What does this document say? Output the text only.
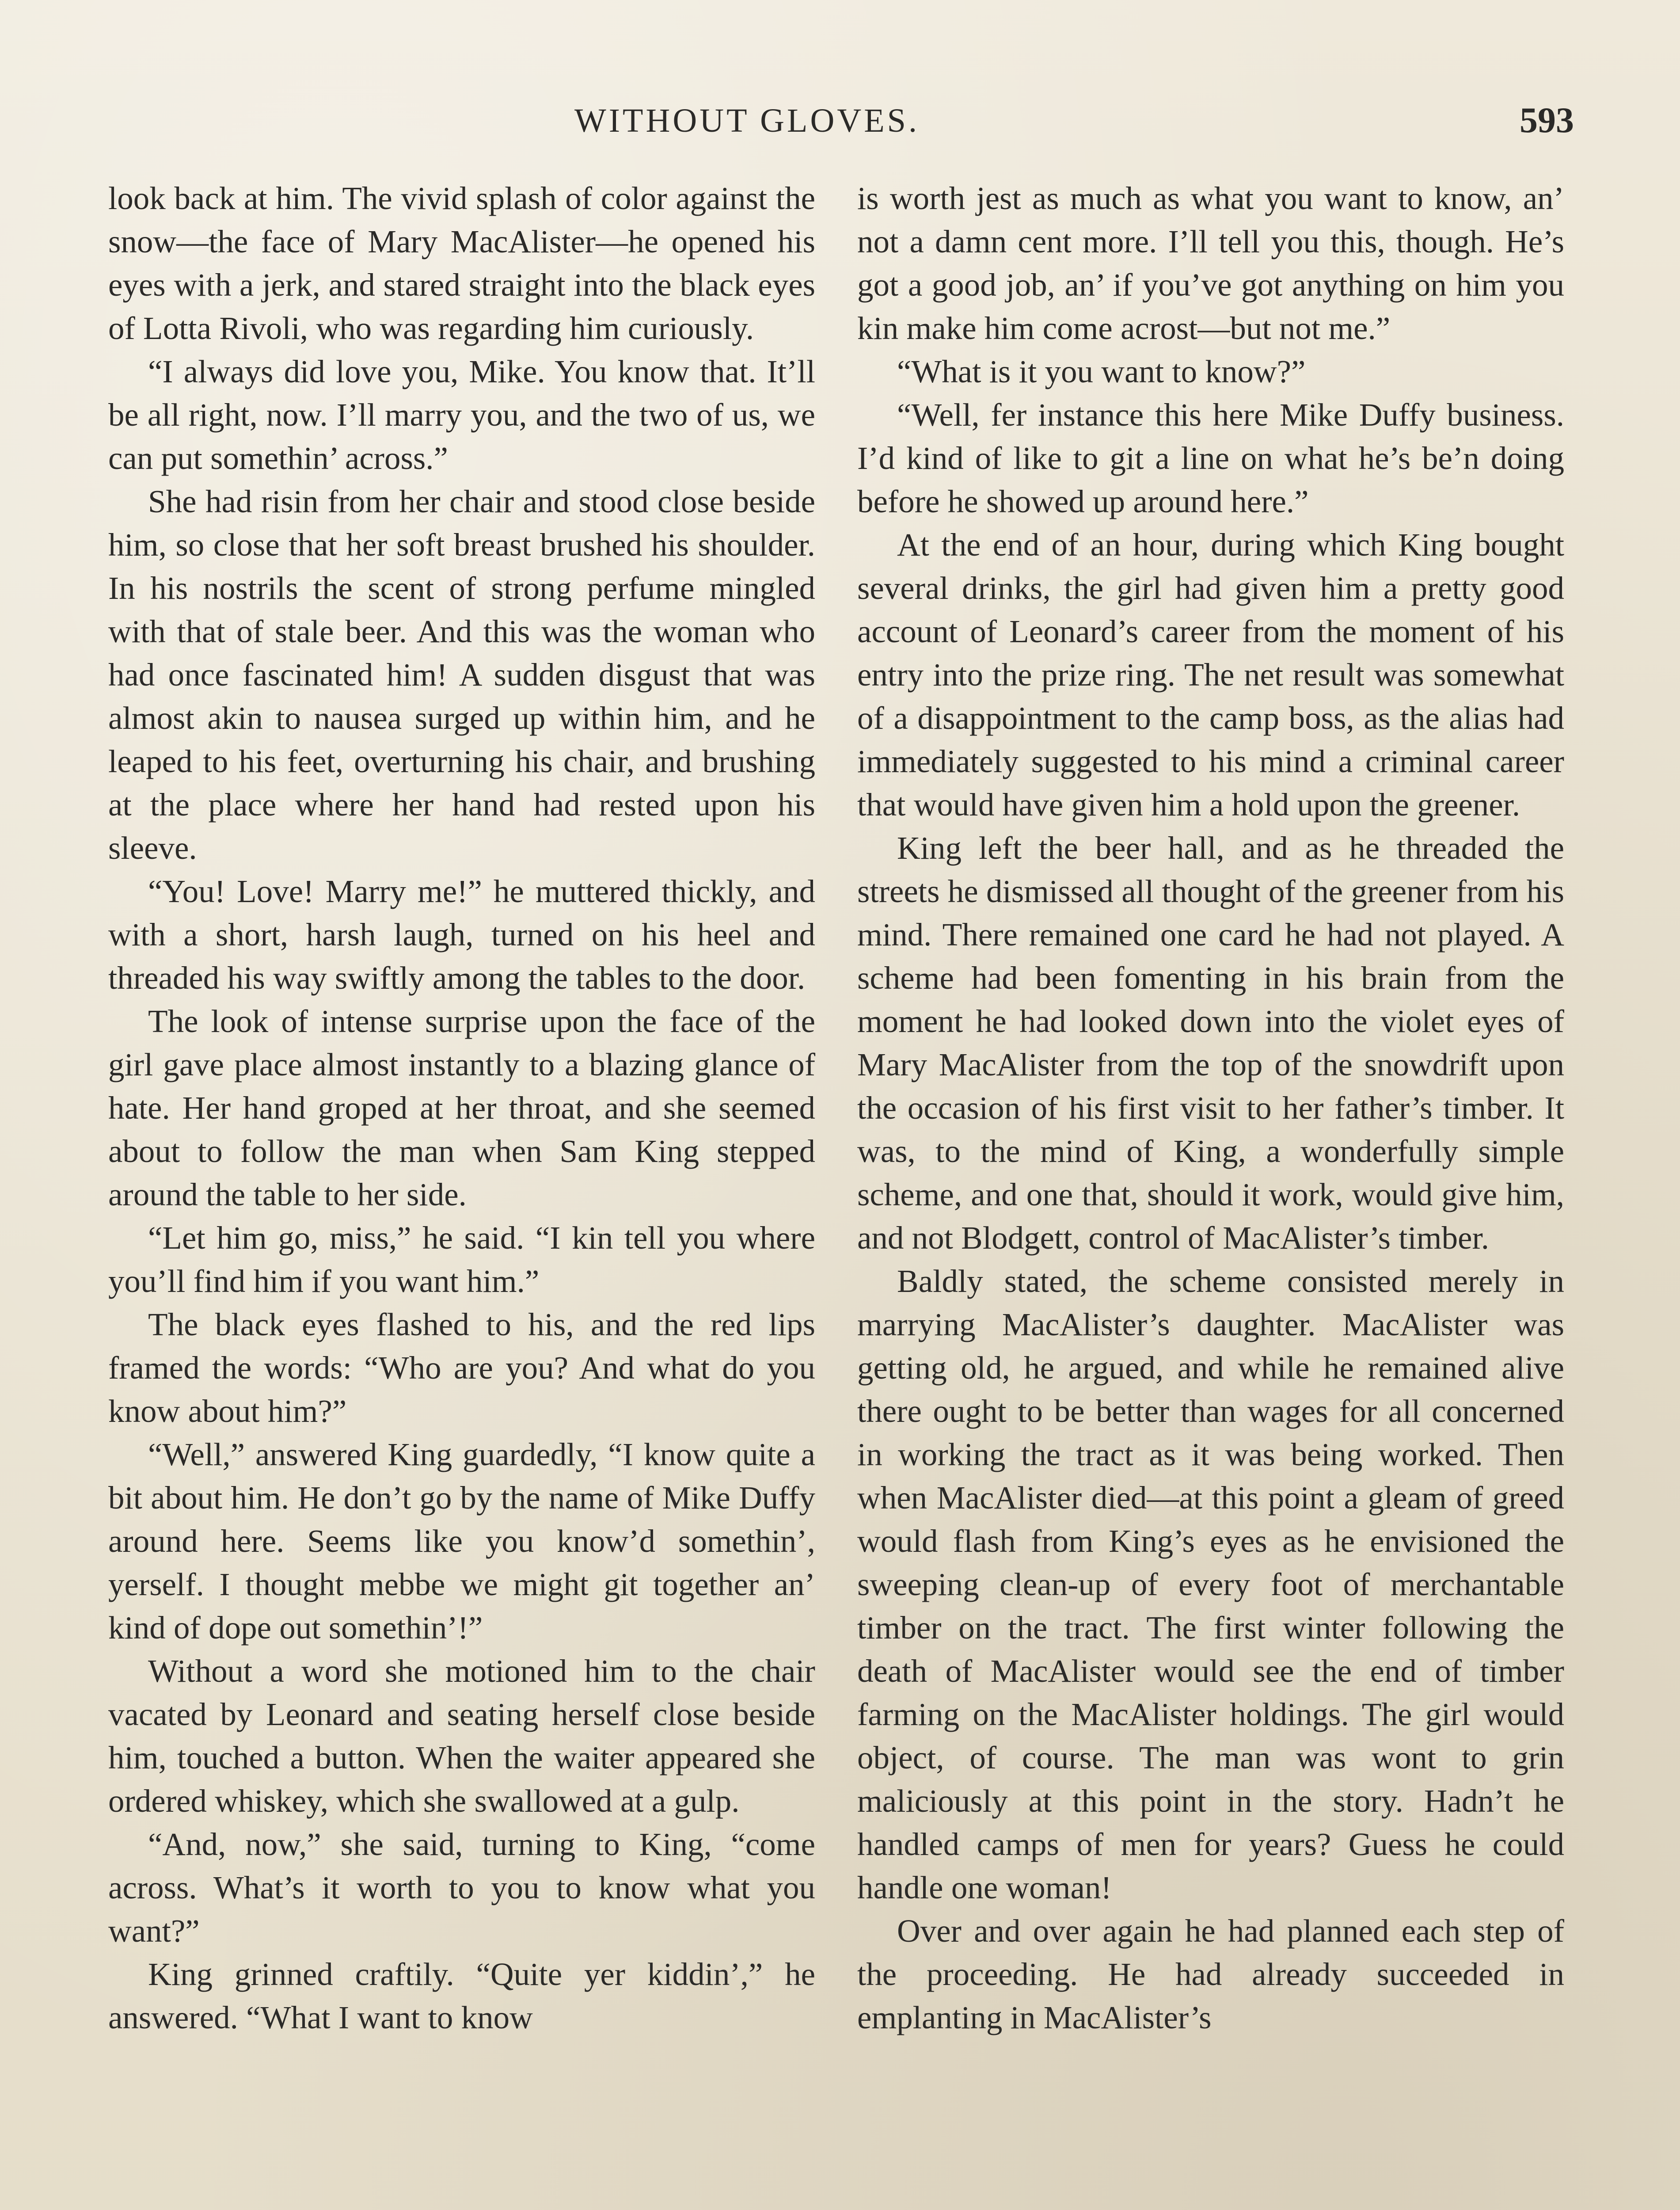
WITHOUT GLOVES.	593

look back at him. The vivid splash of color against the snow—the face of Mary MacAlister—he opened his eyes with a jerk, and stared straight into the black eyes of Lotta Rivoli, who was regarding him curiously.

“I always did love you, Mike. You know that. It’ll be all right, now. I’ll marry you, and the two of us, we can put somethin’ across.”

She had risin from her chair and stood close beside him, so close that her soft breast brushed his shoulder. In his nostrils the scent of strong perfume mingled with that of stale beer. And this was the woman who had once fascinated him! A sudden disgust that was almost akin to nausea surged up within him, and he leaped to his feet, overturning his chair, and brushing at the place where her hand had rested upon his sleeve.

“You! Love! Marry me!” he muttered thickly, and with a short, harsh laugh, turned on his heel and threaded his way swiftly among the tables to the door.

The look of intense surprise upon the face of the girl gave place almost instantly to a blazing glance of hate. Her hand groped at her throat, and she seemed about to follow the man when Sam King stepped around the table to her side.

“Let him go, miss,” he said. “I kin tell you where you’ll find him if you want him.”

The black eyes flashed to his, and the red lips framed the words: “Who are you? And what do you know about him?”

“Well,” answered King guardedly, “I know quite a bit about him. He don’t go by the name of Mike Duffy around here. Seems like you know’d somethin’, yerself. I thought mebbe we might git together an’ kind of dope out somethin’!”

Without a word she motioned him to the chair vacated by Leonard and seating herself close beside him, touched a button. When the waiter appeared she ordered whiskey, which she swallowed at a gulp.

“And, now,” she said, turning to King, “come across. What’s it worth to you to know what you want?”

King grinned craftily. “Quite yer kiddin’,” he answered. “What I want to know

is worth jest as much as what you want to know, an’ not a damn cent more. I’ll tell you this, though. He’s got a good job, an’ if you’ve got anything on him you kin make him come acrost—but not me.”

“What is it you want to know?”

“Well, fer instance this here Mike Duffy business. I’d kind of like to git a line on what he’s be’n doing before he showed up around here.”

At the end of an hour, during which King bought several drinks, the girl had given him a pretty good account of Leonard’s career from the moment of his entry into the prize ring. The net result was somewhat of a disappointment to the camp boss, as the alias had immediately suggested to his mind a criminal career that would have given him a hold upon the greener.

King left the beer hall, and as he threaded the streets he dismissed all thought of the greener from his mind. There remained one card he had not played. A scheme had been fomenting in his brain from the moment he had looked down into the violet eyes of Mary MacAlister from the top of the snowdrift upon the occasion of his first visit to her father’s timber. It was, to the mind of King, a wonderfully simple scheme, and one that, should it work, would give him, and not Blodgett, control of MacAlister’s timber.

Baldly stated, the scheme consisted merely in marrying MacAlister’s daughter. MacAlister was getting old, he argued, and while he remained alive there ought to be better than wages for all concerned in working the tract as it was being worked. Then when MacAlister died—at this point a gleam of greed would flash from King’s eyes as he envisioned the sweeping clean-up of every foot of merchantable timber on the tract. The first winter following the death of MacAlister would see the end of timber farming on the MacAlister holdings. The girl would object, of course. The man was wont to grin maliciously at this point in the story. Hadn’t he handled camps of men for years? Guess he could handle one woman!

Over and over again he had planned each step of the proceeding. He had already succeeded in emplanting in MacAlister’s
